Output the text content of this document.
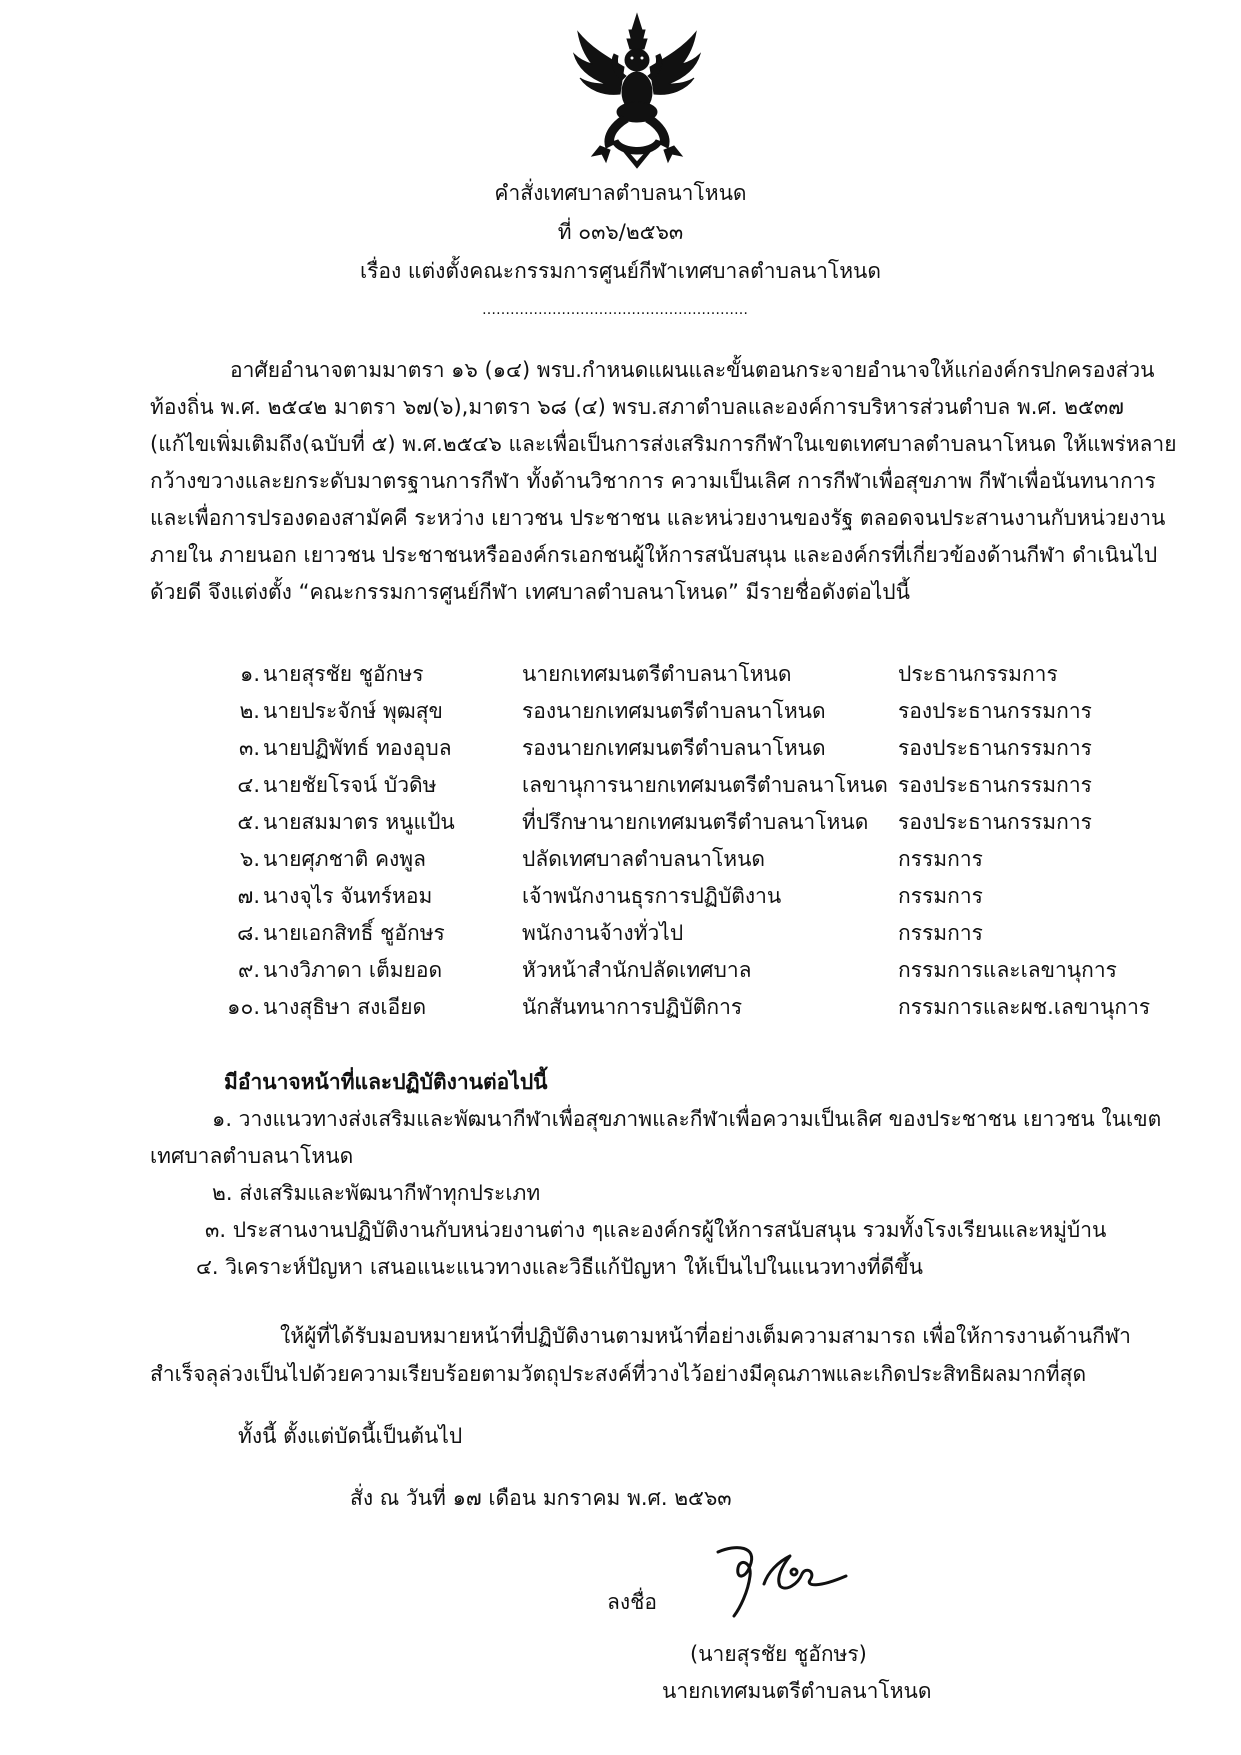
คำสั่งเทศบาลตำบลนาโหนด
ที่ ๐๓๖/๒๕๖๓
เรื่อง แต่งตั้งคณะกรรมการศูนย์กีฬาเทศบาลตำบลนาโหนด
…………………………………………………
อาศัยอำนาจตามมาตรา ๑๖ (๑๔) พรบ.กำหนดแผนและขั้นตอนกระจายอำนาจให้แก่องค์กรปกครองส่วน
ท้องถิ่น พ.ศ. ๒๕๔๒ มาตรา ๖๗(๖),มาตรา ๖๘ (๔) พรบ.สภาตำบลและองค์การบริหารส่วนตำบล พ.ศ. ๒๕๓๗
(แก้ไขเพิ่มเติมถึง(ฉบับที่ ๕) พ.ศ.๒๕๔๖ และเพื่อเป็นการส่งเสริมการกีฬาในเขตเทศบาลตำบลนาโหนด ให้แพร่หลาย
กว้างขวางและยกระดับมาตรฐานการกีฬา ทั้งด้านวิชาการ ความเป็นเลิศ การกีฬาเพื่อสุขภาพ กีฬาเพื่อนันทนาการ
และเพื่อการปรองดองสามัคคี ระหว่าง เยาวชน ประชาชน และหน่วยงานของรัฐ ตลอดจนประสานงานกับหน่วยงาน
ภายใน ภายนอก เยาวชน ประชาชนหรือองค์กรเอกชนผู้ให้การสนับสนุน และองค์กรที่เกี่ยวข้องด้านกีฬา ดำเนินไป
ด้วยดี จึงแต่งตั้ง “คณะกรรมการศูนย์กีฬา เทศบาลตำบลนาโหนด” มีรายชื่อดังต่อไปนี้
๑. นายสุรชัย ชูอักษร	นายกเทศมนตรีตำบลนาโหนด	ประธานกรรมการ
๒. นายประจักษ์ พุฒสุข	รองนายกเทศมนตรีตำบลนาโหนด	รองประธานกรรมการ
๓. นายปฏิพัทธ์ ทองอุบล	รองนายกเทศมนตรีตำบลนาโหนด	รองประธานกรรมการ
๔. นายชัยโรจน์ บัวดิษ	เลขานุการนายกเทศมนตรีตำบลนาโหนด รองประธานกรรมการ
๕. นายสมมาตร หนูแป้น	ที่ปรึกษานายกเทศมนตรีตำบลนาโหนด รองประธานกรรมการ
๖. นายศุภชาติ คงพูล	ปลัดเทศบาลตำบลนาโหนด	กรรมการ
๗. นางจุไร จันทร์หอม	เจ้าพนักงานธุรการปฏิบัติงาน	กรรมการ
๘. นายเอกสิทธิ์ ชูอักษร	พนักงานจ้างทั่วไป	กรรมการ
๙. นางวิภาดา เต็มยอด	หัวหน้าสำนักปลัดเทศบาล	กรรมการและเลขานุการ
๑๐. นางสุธิษา สงเอียด	นักสันทนาการปฏิบัติการ	กรรมการและผช.เลขานุการ
มีอำนาจหน้าที่และปฏิบัติงานต่อไปนี้
๑. วางแนวทางส่งเสริมและพัฒนากีฬาเพื่อสุขภาพและกีฬาเพื่อความเป็นเลิศ ของประชาชน เยาวชน ในเขต
เทศบาลตำบลนาโหนด
๒. ส่งเสริมและพัฒนากีฬาทุกประเภท
๓. ประสานงานปฏิบัติงานกับหน่วยงานต่าง ๆและองค์กรผู้ให้การสนับสนุน รวมทั้งโรงเรียนและหมู่บ้าน
๔. วิเคราะห์ปัญหา เสนอแนะแนวทางและวิธีแก้ปัญหา ให้เป็นไปในแนวทางที่ดีขึ้น
ให้ผู้ที่ได้รับมอบหมายหน้าที่ปฏิบัติงานตามหน้าที่อย่างเต็มความสามารถ เพื่อให้การงานด้านกีฬา
สำเร็จลุล่วงเป็นไปด้วยความเรียบร้อยตามวัตถุประสงค์ที่วางไว้อย่างมีคุณภาพและเกิดประสิทธิผลมากที่สุด
ทั้งนี้ ตั้งแต่บัดนี้เป็นต้นไป
สั่ง ณ วันที่ ๑๗ เดือน มกราคม พ.ศ. ๒๕๖๓
ลงชื่อ
(นายสุรชัย ชูอักษร)
นายกเทศมนตรีตำบลนาโหนด
